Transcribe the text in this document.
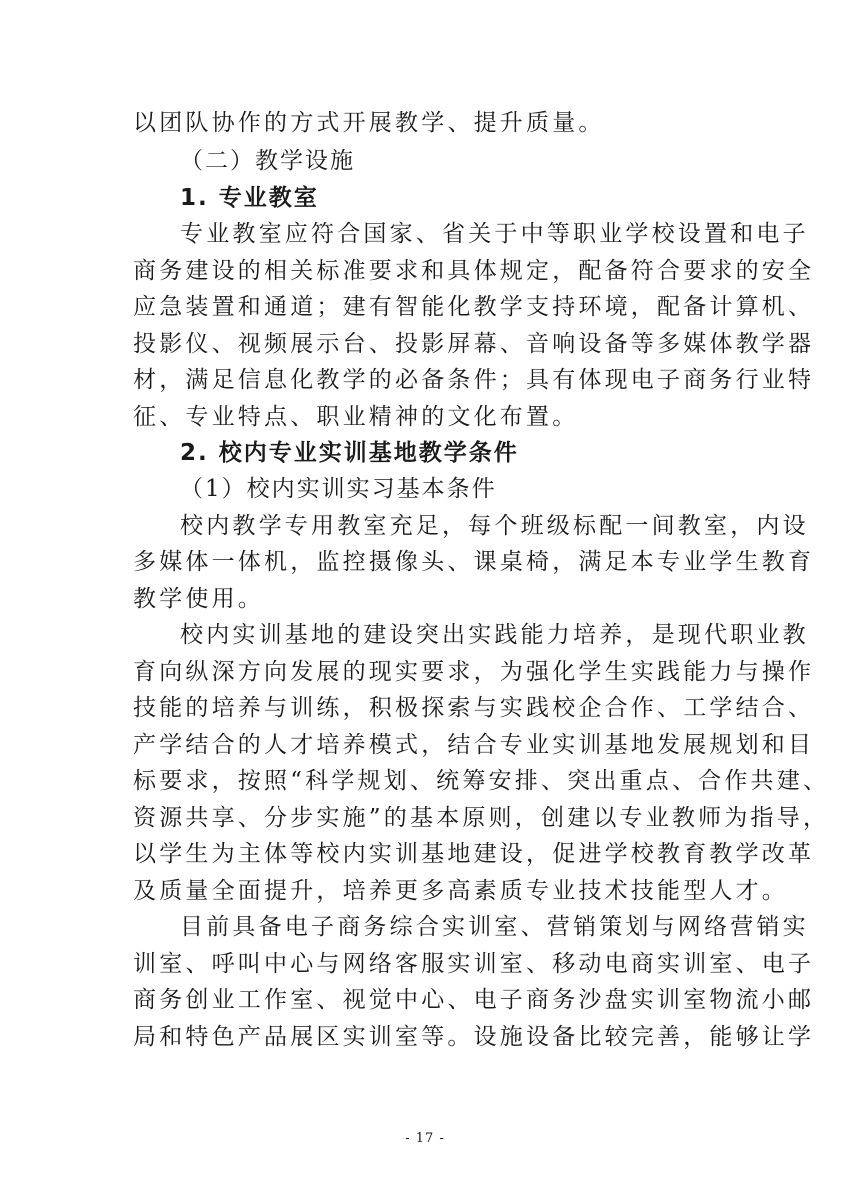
以团队协作的方式开展教学、提升质量。
（二）教学设施
1. 专业教室
专业教室应符合国家、省关于中等职业学校设置和电子
商务建设的相关标准要求和具体规定，配备符合要求的安全
应急装置和通道；建有智能化教学支持环境，配备计算机、
投影仪、视频展示台、投影屏幕、音响设备等多媒体教学器
材，满足信息化教学的必备条件；具有体现电子商务行业特
征、专业特点、职业精神的文化布置。
2. 校内专业实训基地教学条件
（1）校内实训实习基本条件
校内教学专用教室充足，每个班级标配一间教室，内设
多媒体一体机，监控摄像头、课桌椅，满足本专业学生教育
教学使用。
校内实训基地的建设突出实践能力培养，是现代职业教
育向纵深方向发展的现实要求，为强化学生实践能力与操作
技能的培养与训练，积极探索与实践校企合作、工学结合、
产学结合的人才培养模式，结合专业实训基地发展规划和目
标要求，按照“科学规划、统筹安排、突出重点、合作共建、
资源共享、分步实施”的基本原则，创建以专业教师为指导，
以学生为主体等校内实训基地建设，促进学校教育教学改革
及质量全面提升，培养更多高素质专业技术技能型人才。
目前具备电子商务综合实训室、营销策划与网络营销实
训室、呼叫中心与网络客服实训室、移动电商实训室、电子
商务创业工作室、视觉中心、电子商务沙盘实训室物流小邮
局和特色产品展区实训室等。设施设备比较完善，能够让学
- 17 -
